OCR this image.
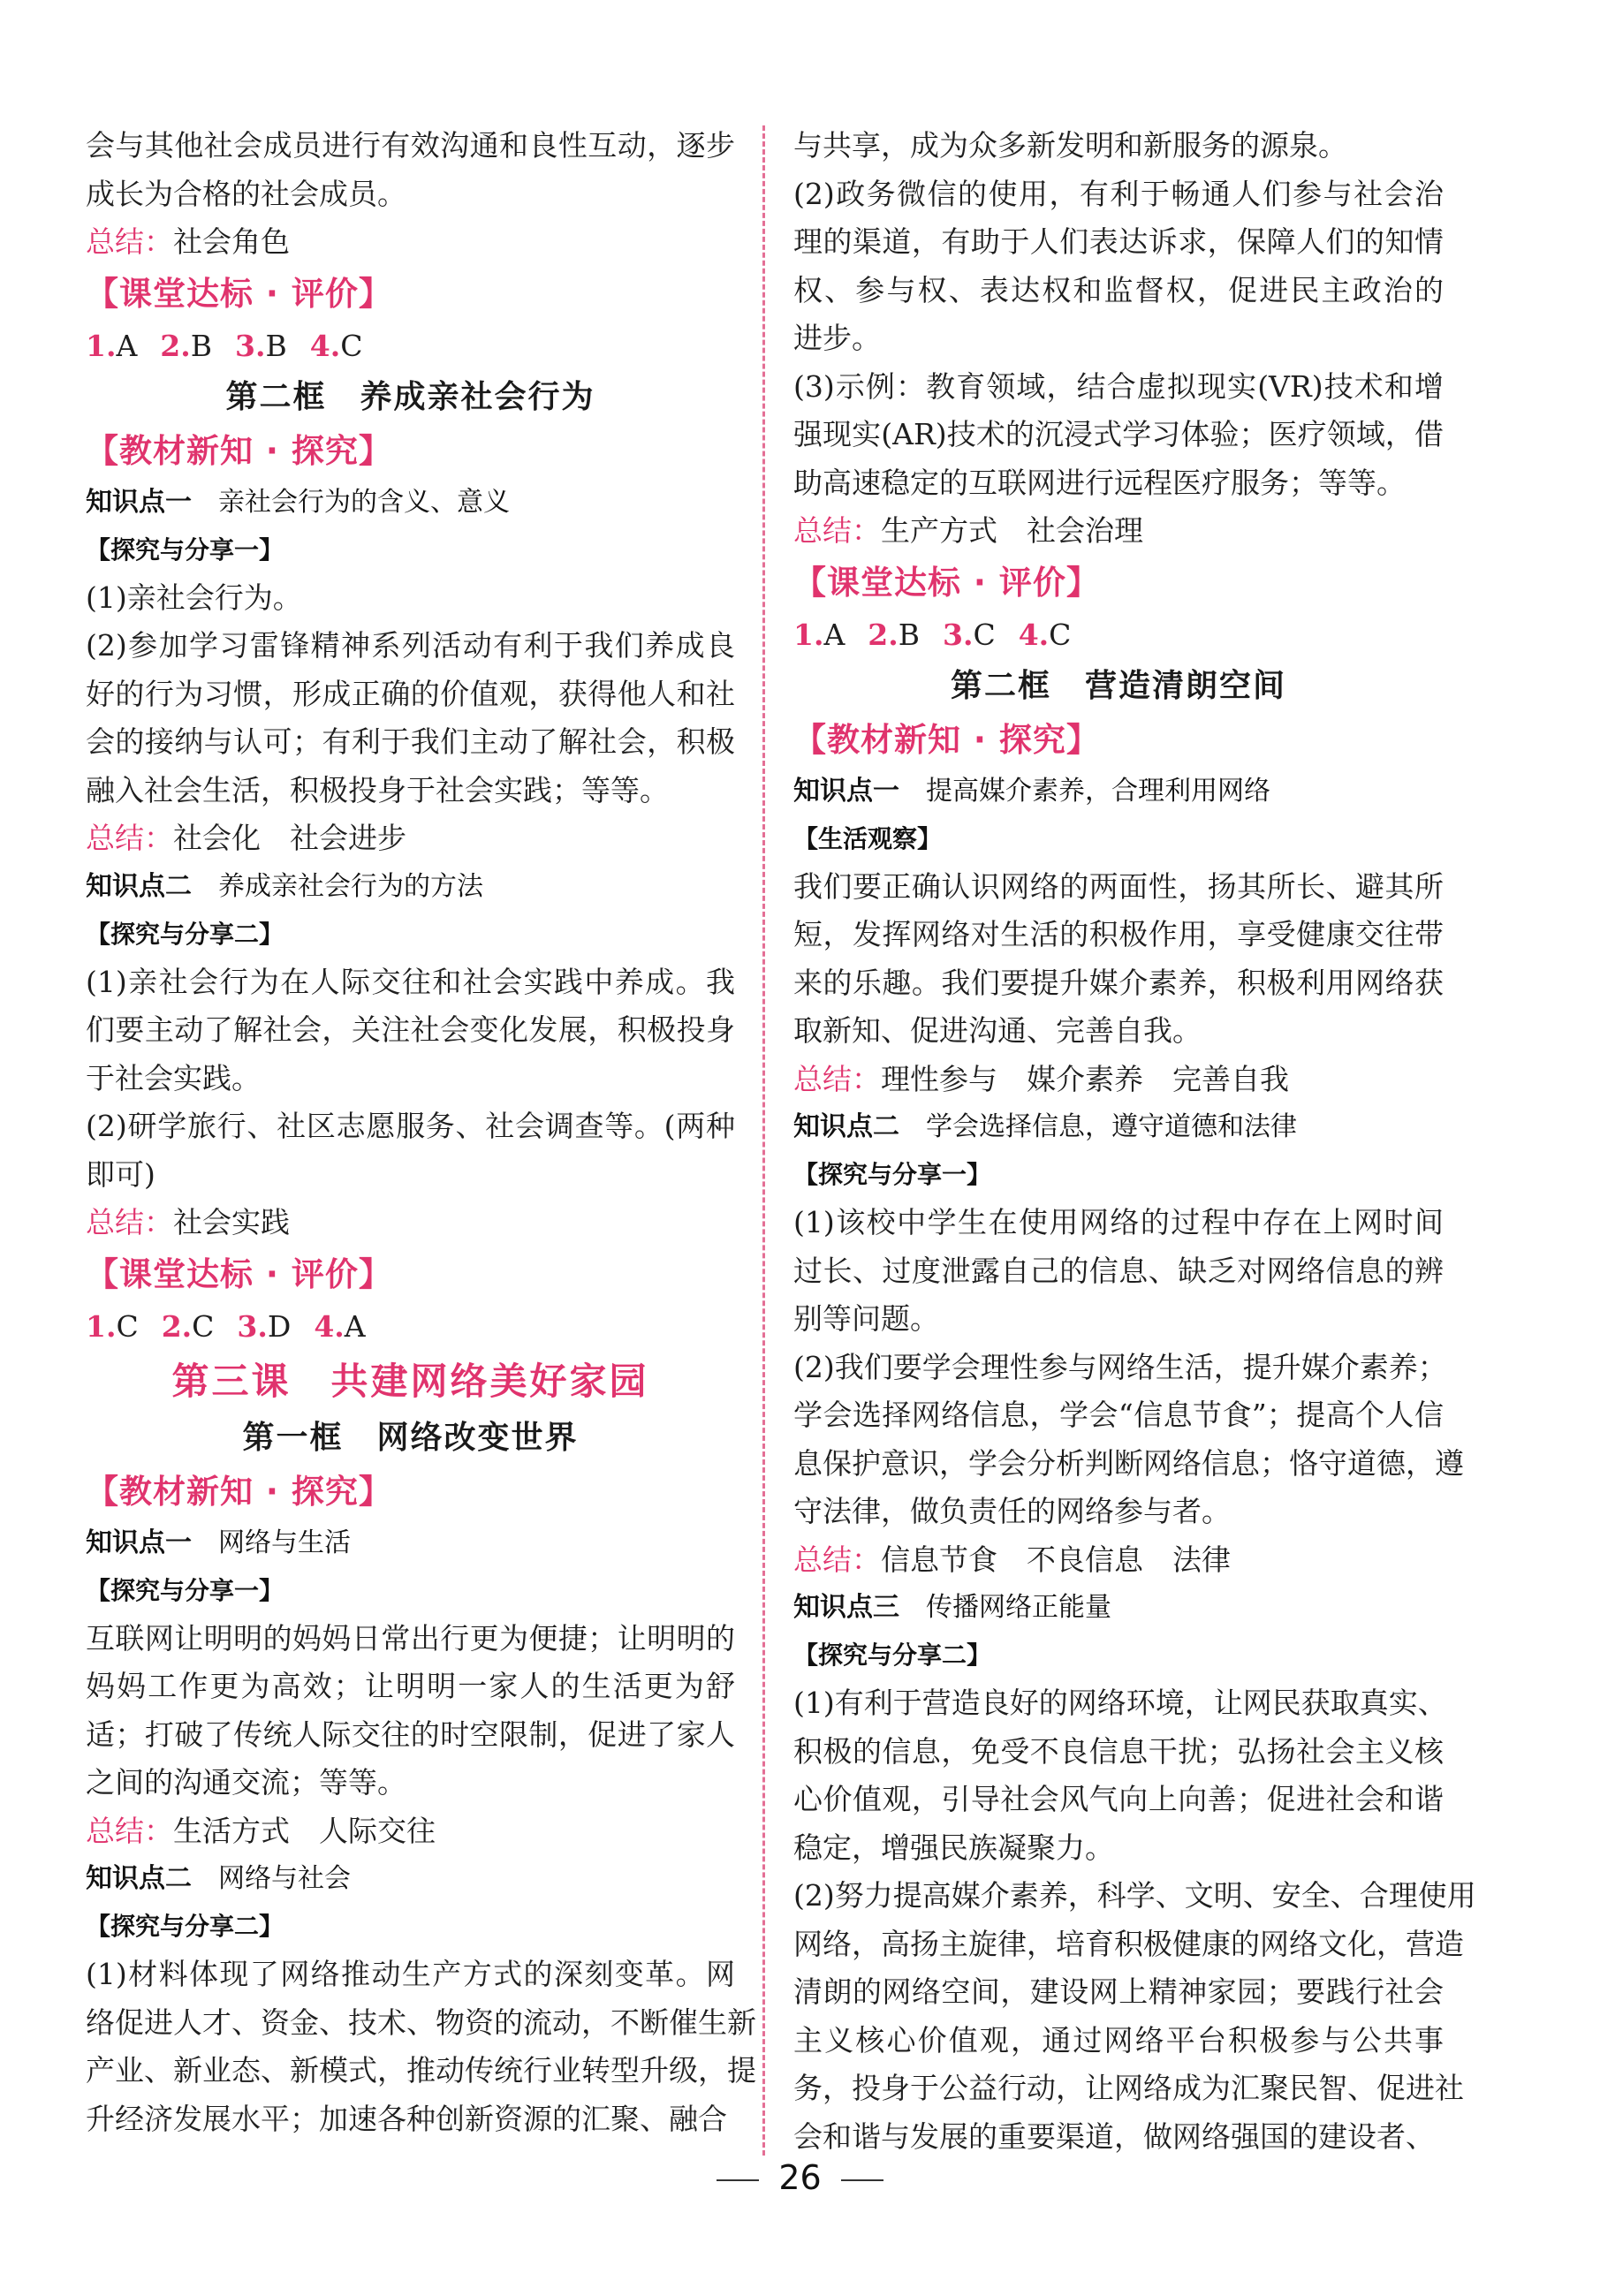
会与其他社会成员进行有效沟通和良性互动，逐步
成长为合格的社会成员。
总结：社会角色
【课堂达标 · 评价】
1.A 2.B 3.B 4.C
第二框　养成亲社会行为
【教材新知 · 探究】
知识点一 亲社会行为的含义、意义
【探究与分享一】
(1)亲社会行为。
(2)参加学习雷锋精神系列活动有利于我们养成良
好的行为习惯，形成正确的价值观，获得他人和社
会的接纳与认可；有利于我们主动了解社会，积极
融入社会生活，积极投身于社会实践；等等。
总结：社会化　社会进步
知识点二 养成亲社会行为的方法
【探究与分享二】
(1)亲社会行为在人际交往和社会实践中养成。我
们要主动了解社会，关注社会变化发展，积极投身
于社会实践。
(2)研学旅行、社区志愿服务、社会调查等。(两种
即可)
总结：社会实践
【课堂达标 · 评价】
1.C 2.C 3.D 4.A
第三课　共建网络美好家园
第一框　网络改变世界
【教材新知 · 探究】
知识点一 网络与生活
【探究与分享一】
互联网让明明的妈妈日常出行更为便捷；让明明的
妈妈工作更为高效；让明明一家人的生活更为舒
适；打破了传统人际交往的时空限制，促进了家人
之间的沟通交流；等等。
总结：生活方式　人际交往
知识点二 网络与社会
【探究与分享二】
(1)材料体现了网络推动生产方式的深刻变革。网
络促进人才、资金、技术、物资的流动，不断催生新
产业、新业态、新模式，推动传统行业转型升级，提
升经济发展水平；加速各种创新资源的汇聚、融合
与共享，成为众多新发明和新服务的源泉。
(2)政务微信的使用，有利于畅通人们参与社会治
理的渠道，有助于人们表达诉求，保障人们的知情
权、参与权、表达权和监督权，促进民主政治的
进步。
(3)示例：教育领域，结合虚拟现实(VR)技术和增
强现实(AR)技术的沉浸式学习体验；医疗领域，借
助高速稳定的互联网进行远程医疗服务；等等。
总结：生产方式　社会治理
【课堂达标 · 评价】
1.A 2.B 3.C 4.C
第二框　营造清朗空间
【教材新知 · 探究】
知识点一 提高媒介素养，合理利用网络
【生活观察】
我们要正确认识网络的两面性，扬其所长、避其所
短，发挥网络对生活的积极作用，享受健康交往带
来的乐趣。我们要提升媒介素养，积极利用网络获
取新知、促进沟通、完善自我。
总结：理性参与　媒介素养　完善自我
知识点二 学会选择信息，遵守道德和法律
【探究与分享一】
(1)该校中学生在使用网络的过程中存在上网时间
过长、过度泄露自己的信息、缺乏对网络信息的辨
别等问题。
(2)我们要学会理性参与网络生活，提升媒介素养；
学会选择网络信息，学会“信息节食”；提高个人信
息保护意识，学会分析判断网络信息；恪守道德，遵
守法律，做负责任的网络参与者。
总结：信息节食　不良信息　法律
知识点三 传播网络正能量
【探究与分享二】
(1)有利于营造良好的网络环境，让网民获取真实、
积极的信息，免受不良信息干扰；弘扬社会主义核
心价值观，引导社会风气向上向善；促进社会和谐
稳定，增强民族凝聚力。
(2)努力提高媒介素养，科学、文明、安全、合理使用
网络，高扬主旋律，培育积极健康的网络文化，营造
清朗的网络空间，建设网上精神家园；要践行社会
主义核心价值观，通过网络平台积极参与公共事
务，投身于公益行动，让网络成为汇聚民智、促进社
会和谐与发展的重要渠道，做网络强国的建设者、
26
